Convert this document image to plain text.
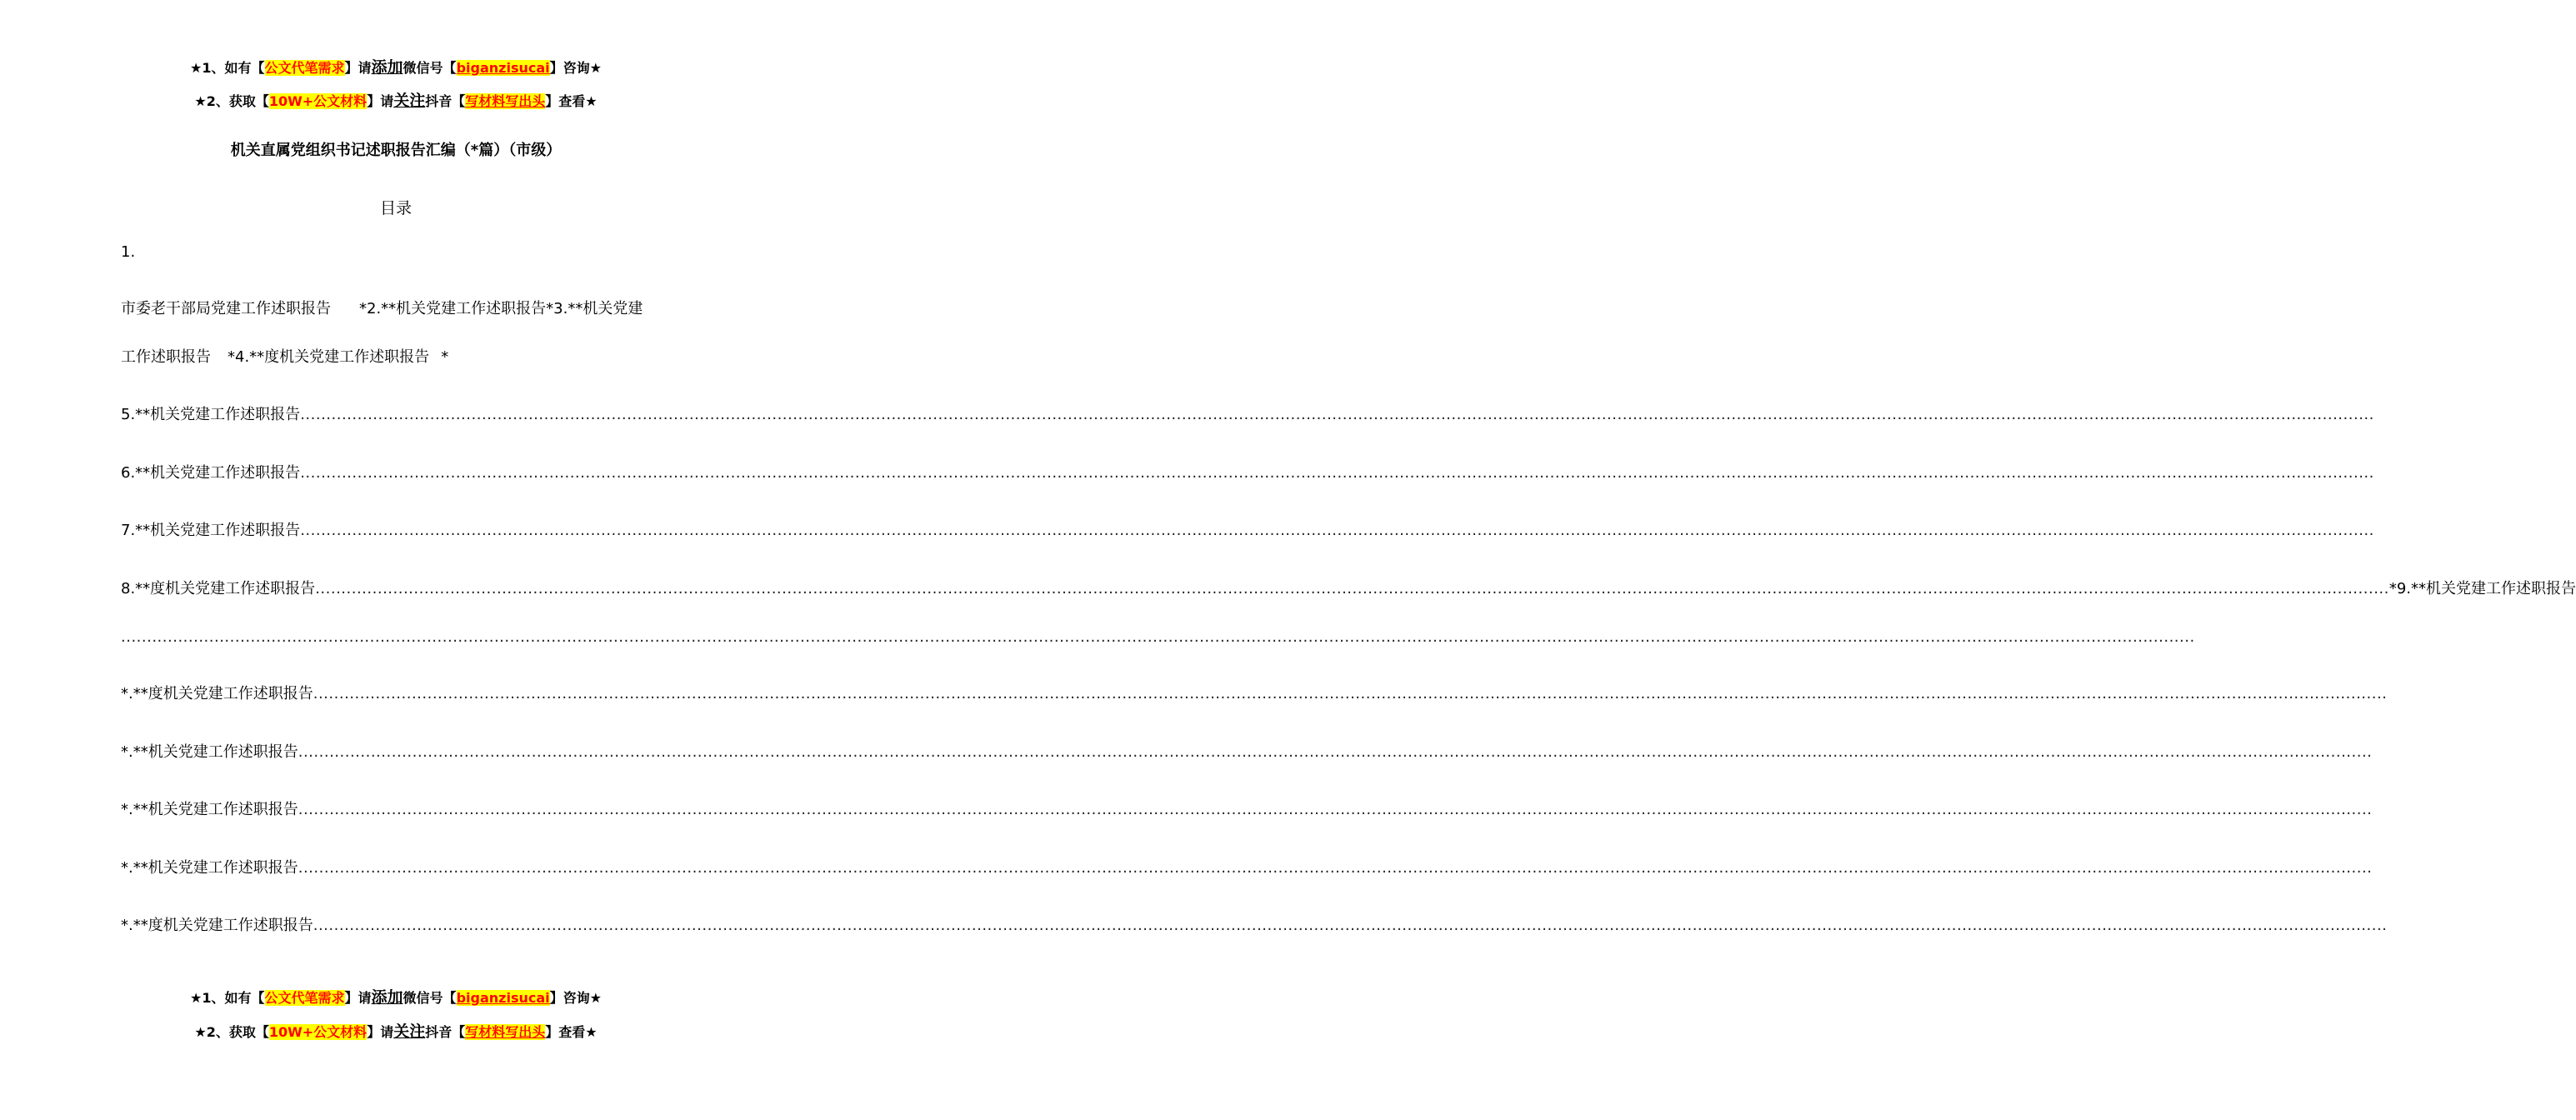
★1、如有【公文代笔需求】请添加微信号【biganzisucai】咨询★
★2、获取【10W+公文材料】请关注抖音【写材料写出头】查看★
机关直属党组织书记述职报告汇编（*篇）（市级）
目录
1.
市委老干部局党建工作述职报告 *2.**机关党建工作述职报告*3.**机关党建
工作述职报告 *4.**度机关党建工作述职报告 *
5.**机关党建工作述职报告 ................................................................................................................................................................................................................................................................................................................................................................................................................
6.**机关党建工作述职报告 ................................................................................................................................................................................................................................................................................................................................................................................................................
7.**机关党建工作述职报告 ................................................................................................................................................................................................................................................................................................................................................................................................................
8.**度机关党建工作述职报告 ................................................................................................................................................................................................................................................................................................................................................................................................................ *9.**机关党建工作述职报告
................................................................................................................................................................................................................................................................................................................................................................................................................
*.**度机关党建工作述职报告 ................................................................................................................................................................................................................................................................................................................................................................................................................
*.**机关党建工作述职报告 ................................................................................................................................................................................................................................................................................................................................................................................................................
*.**机关党建工作述职报告 ................................................................................................................................................................................................................................................................................................................................................................................................................
*.**机关党建工作述职报告 ................................................................................................................................................................................................................................................................................................................................................................................................................
*.**度机关党建工作述职报告 ................................................................................................................................................................................................................................................................................................................................................................................................................
★1、如有【公文代笔需求】请添加微信号【biganzisucai】咨询★
★2、获取【10W+公文材料】请关注抖音【写材料写出头】查看★
